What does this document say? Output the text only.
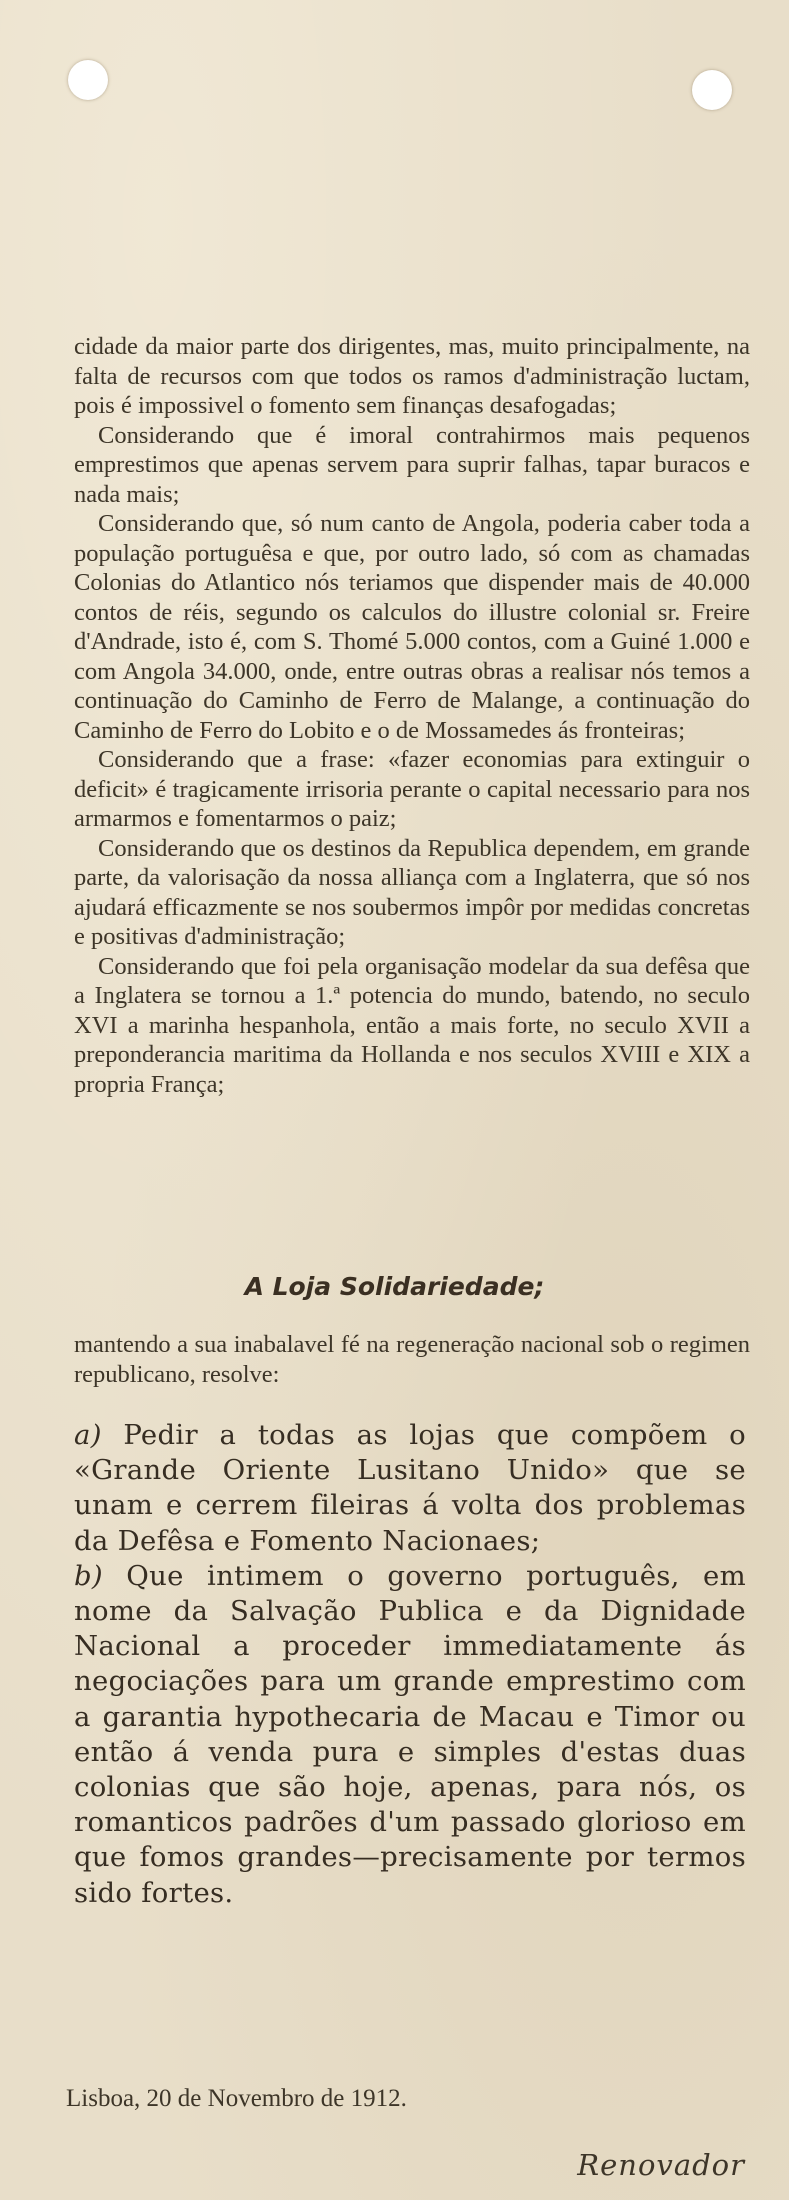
cidade da maior parte dos dirigentes, mas, muito principalmente, na falta de recursos com que todos os ramos d'administração luctam, pois é impossivel o fomento sem finanças desafogadas;

Considerando que é imoral contrahirmos mais pequenos emprestimos que apenas servem para suprir falhas, tapar buracos e nada mais;

Considerando que, só num canto de Angola, poderia caber toda a população portuguêsa e que, por outro lado, só com as chamadas Colonias do Atlantico nós teriamos que dispender mais de 40.000 contos de réis, segundo os calculos do illustre colonial sr. Freire d'Andrade, isto é, com S. Thomé 5.000 contos, com a Guiné 1.000 e com Angola 34.000, onde, entre outras obras a realisar nós temos a continuação do Caminho de Ferro de Malange, a continuação do Caminho de Ferro do Lobito e o de Mossamedes ás fronteiras;

Considerando que a frase: «fazer economias para extinguir o deficit» é tragicamente irrisoria perante o capital necessario para nos armarmos e fomentarmos o paiz;

Considerando que os destinos da Republica dependem, em grande parte, da valorisação da nossa alliança com a Inglaterra, que só nos ajudará efficazmente se nos soubermos impôr por medidas concretas e positivas d'administração;

Considerando que foi pela organisação modelar da sua defêsa que a Inglatera se tornou a 1.ª potencia do mundo, batendo, no seculo XVI a marinha hespanhola, então a mais forte, no seculo XVII a preponderancia maritima da Hollanda e nos seculos XVIII e XIX a propria França;

A Loja Solidariedade;

mantendo a sua inabalavel fé na regeneração nacional sob o regimen republicano, resolve:

a) Pedir a todas as lojas que compõem o «Grande Oriente Lusitano Unido» que se unam e cerrem fileiras á volta dos problemas da Defêsa e Fomento Nacionaes;

b) Que intimem o governo português, em nome da Salvação Publica e da Dignidade Nacional a proceder immediatamente ás negociações para um grande emprestimo com a garantia hypothecaria de Macau e Timor ou então á venda pura e simples d'estas duas colonias que são hoje, apenas, para nós, os romanticos padrões d'um passado glorioso em que fomos grandes—precisamente por termos sido fortes.

Lisboa, 20 de Novembro de 1912.
Renovador
